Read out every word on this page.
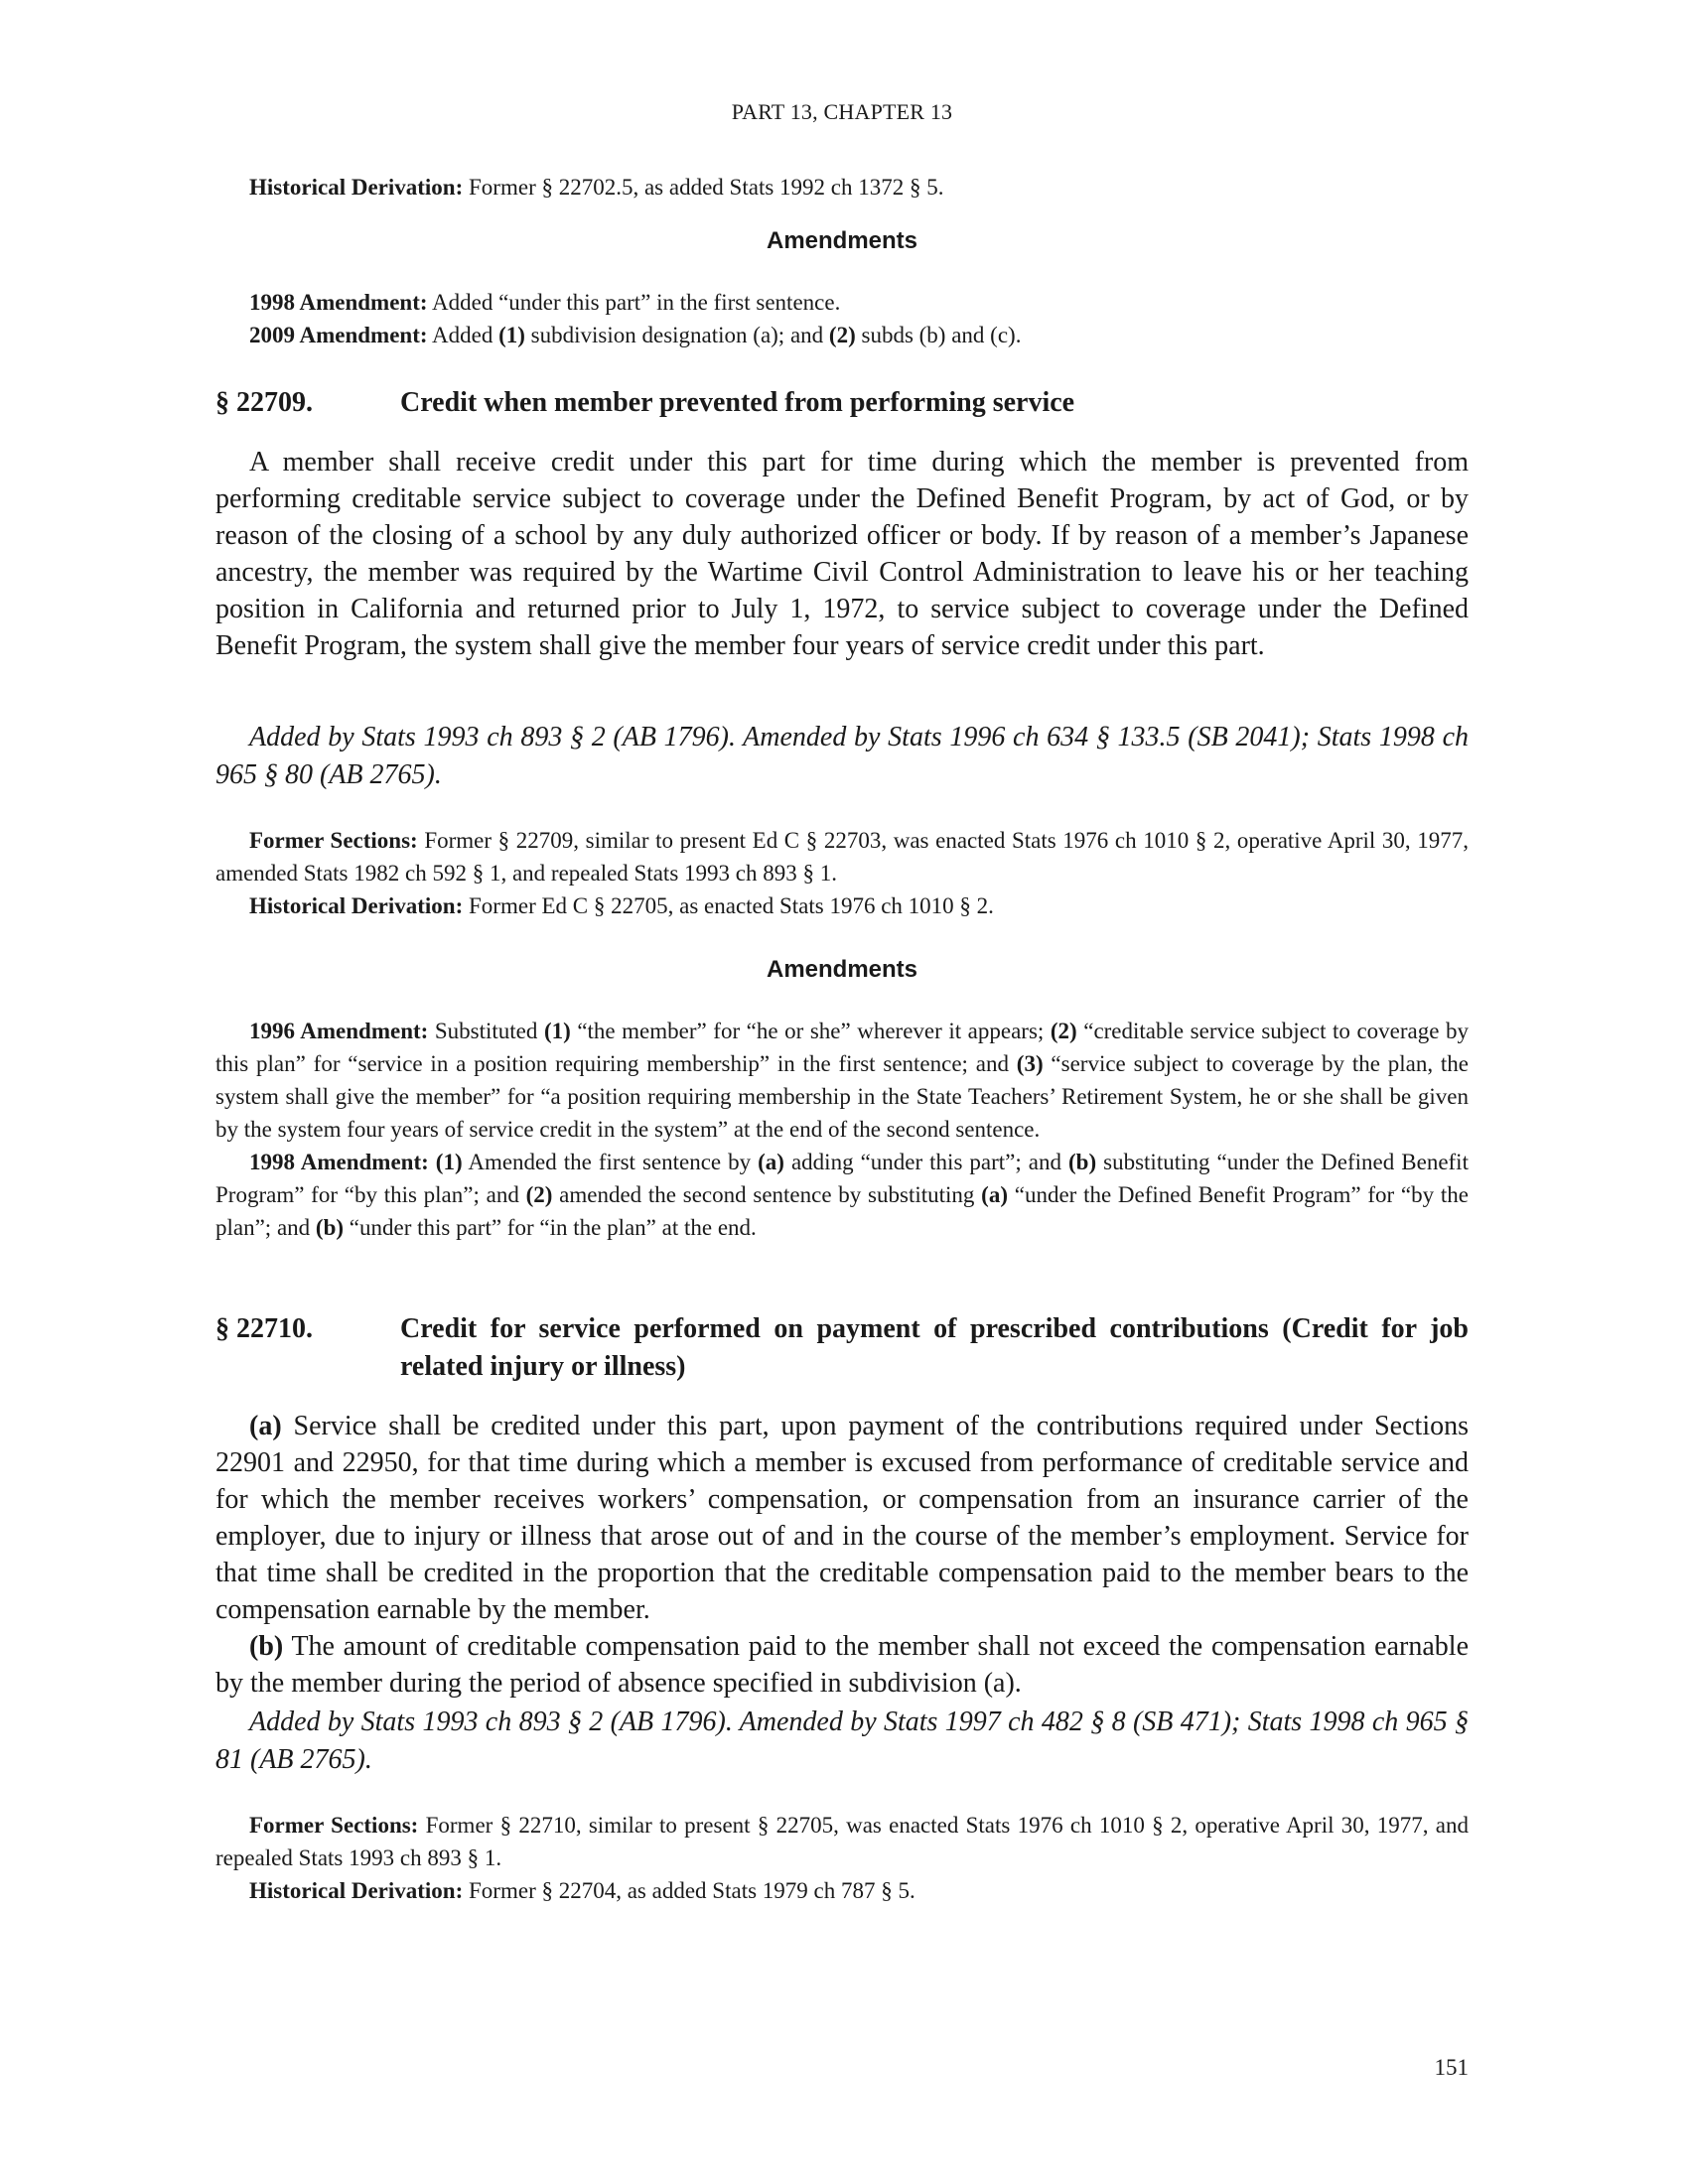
PART 13, CHAPTER 13

Historical Derivation: Former § 22702.5, as added Stats 1992 ch 1372 § 5.

Amendments

1998 Amendment: Added “under this part” in the first sentence.

2009 Amendment: Added (1) subdivision designation (a); and (2) subds (b) and (c).

§ 22709.	Credit when member prevented from performing service

A member shall receive credit under this part for time during which the member is prevented from performing creditable service subject to coverage under the Defined Benefit Program, by act of God, or by reason of the closing of a school by any duly authorized officer or body. If by reason of a member’s Japanese ancestry, the member was required by the Wartime Civil Control Administration to leave his or her teaching position in California and returned prior to July 1, 1972, to service subject to coverage under the Defined Benefit Program, the system shall give the member four years of service credit under this part.

Added by Stats 1993 ch 893 § 2 (AB 1796). Amended by Stats 1996 ch 634 § 133.5 (SB 2041); Stats 1998 ch 965 § 80 (AB 2765).

Former Sections: Former § 22709, similar to present Ed C § 22703, was enacted Stats 1976 ch 1010 § 2, operative April 30, 1977, amended Stats 1982 ch 592 § 1, and repealed Stats 1993 ch 893 § 1.

Historical Derivation: Former Ed C § 22705, as enacted Stats 1976 ch 1010 § 2.

Amendments

1996 Amendment: Substituted (1) “the member” for “he or she” wherever it appears; (2) “creditable service subject to coverage by this plan” for “service in a position requiring membership” in the first sentence; and (3) “service subject to coverage by the plan, the system shall give the member” for “a position requiring membership in the State Teachers’ Retirement System, he or she shall be given by the system four years of service credit in the system” at the end of the second sentence.

1998 Amendment: (1) Amended the first sentence by (a) adding “under this part”; and (b) substituting “under the Defined Benefit Program” for “by this plan”; and (2) amended the second sentence by substituting (a) “under the Defined Benefit Program” for “by the plan”; and (b) “under this part” for “in the plan” at the end.

§ 22710.	Credit for service performed on payment of prescribed contributions (Credit for job related injury or illness)

(a) Service shall be credited under this part, upon payment of the contributions required under Sections 22901 and 22950, for that time during which a member is excused from performance of creditable service and for which the member receives workers’ compensation, or compensation from an insurance carrier of the employer, due to injury or illness that arose out of and in the course of the member’s employment. Service for that time shall be credited in the proportion that the creditable compensation paid to the member bears to the compensation earnable by the member.

(b) The amount of creditable compensation paid to the member shall not exceed the compensation earnable by the member during the period of absence specified in subdivision (a).

Added by Stats 1993 ch 893 § 2 (AB 1796). Amended by Stats 1997 ch 482 § 8 (SB 471); Stats 1998 ch 965 § 81 (AB 2765).

Former Sections: Former § 22710, similar to present § 22705, was enacted Stats 1976 ch 1010 § 2, operative April 30, 1977, and repealed Stats 1993 ch 893 § 1.

Historical Derivation: Former § 22704, as added Stats 1979 ch 787 § 5.

151
